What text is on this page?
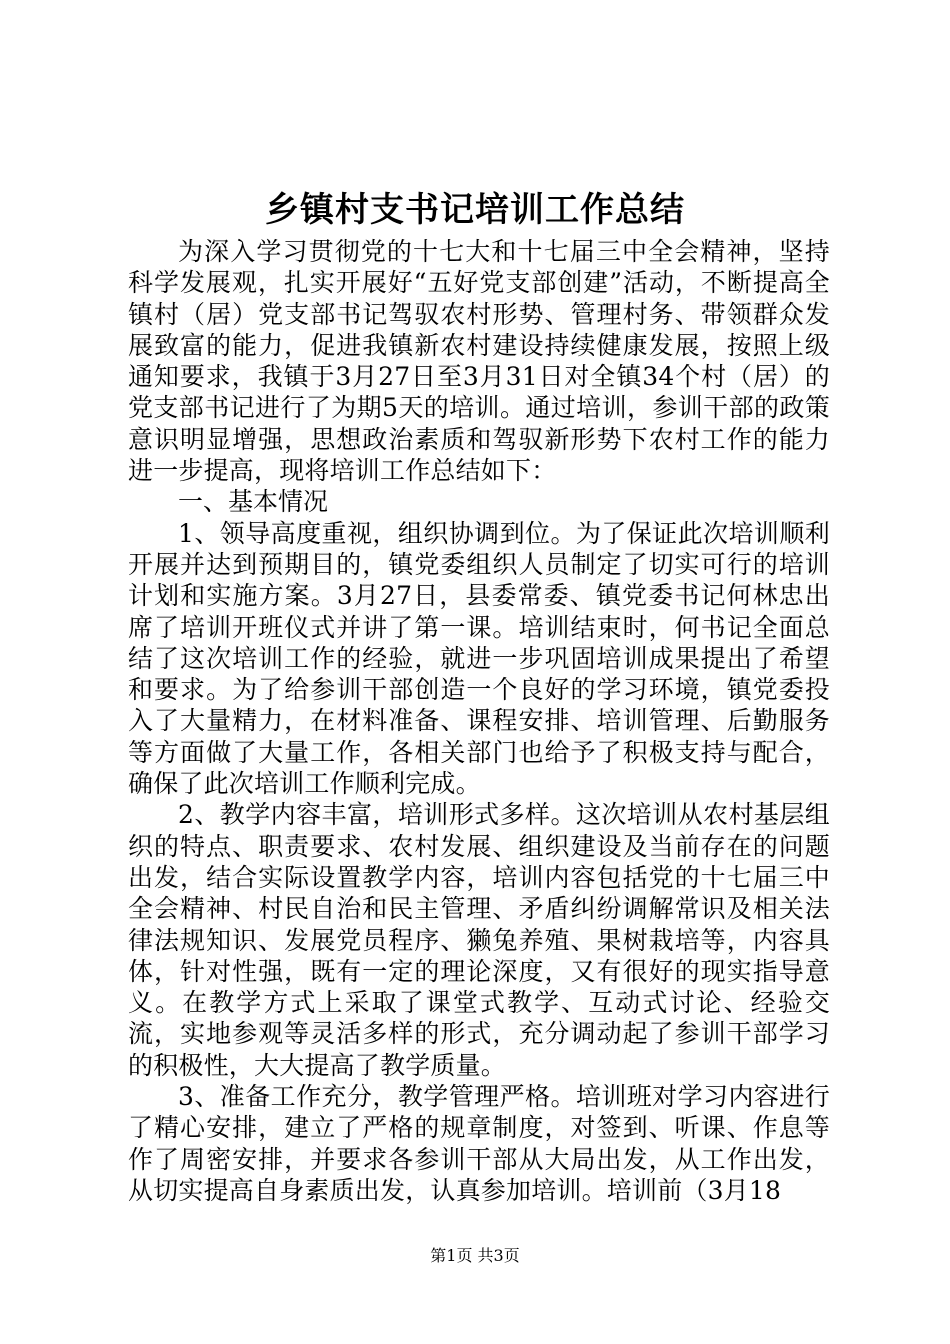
乡镇村支书记培训工作总结

为深入学习贯彻党的十七大和十七届三中全会精神，坚持科学发展观，扎实开展好“五好党支部创建”活动，不断提高全镇村（居）党支部书记驾驭农村形势、管理村务、带领群众发展致富的能力，促进我镇新农村建设持续健康发展，按照上级通知要求，我镇于3月27日至3月31日对全镇34个村（居）的党支部书记进行了为期5天的培训。通过培训，参训干部的政策意识明显增强，思想政治素质和驾驭新形势下农村工作的能力进一步提高，现将培训工作总结如下：

一、基本情况

1、领导高度重视，组织协调到位。为了保证此次培训顺利开展并达到预期目的，镇党委组织人员制定了切实可行的培训计划和实施方案。3月27日，县委常委、镇党委书记何林忠出席了培训开班仪式并讲了第一课。培训结束时，何书记全面总结了这次培训工作的经验，就进一步巩固培训成果提出了希望和要求。为了给参训干部创造一个良好的学习环境，镇党委投入了大量精力，在材料准备、课程安排、培训管理、后勤服务等方面做了大量工作，各相关部门也给予了积极支持与配合，确保了此次培训工作顺利完成。

2、教学内容丰富，培训形式多样。这次培训从农村基层组织的特点、职责要求、农村发展、组织建设及当前存在的问题出发，结合实际设置教学内容，培训内容包括党的十七届三中全会精神、村民自治和民主管理、矛盾纠纷调解常识及相关法律法规知识、发展党员程序、獭兔养殖、果树栽培等，内容具体，针对性强，既有一定的理论深度，又有很好的现实指导意义。在教学方式上采取了课堂式教学、互动式讨论、经验交流，实地参观等灵活多样的形式，充分调动起了参训干部学习的积极性，大大提高了教学质量。

3、准备工作充分，教学管理严格。培训班对学习内容进行了精心安排，建立了严格的规章制度，对签到、听课、作息等作了周密安排，并要求各参训干部从大局出发，从工作出发，从切实提高自身素质出发，认真参加培训。培训前（3月18

第1页 共3页
